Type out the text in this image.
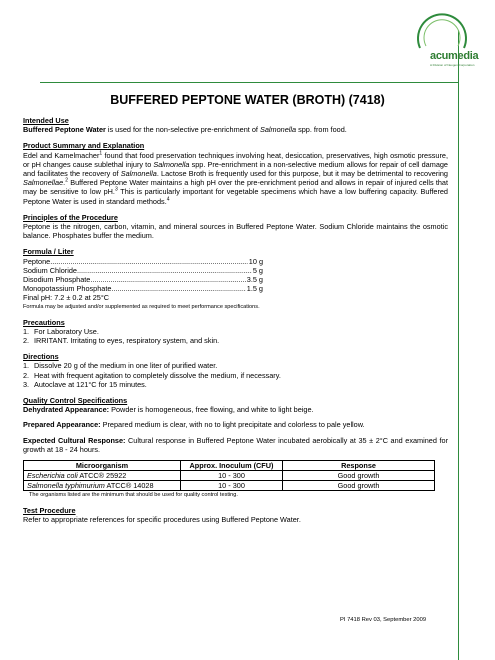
acumedia
A Division of Neogen Corporation
BUFFERED PEPTONE WATER (BROTH) (7418)
Intended Use

Buffered Peptone Water is used for the non-selective pre-enrichment of Salmonella spp. from food.

Product Summary and Explanation

Edel and Kamelmacher$^1$ found that food preservation techniques involving heat, desiccation, preservatives, high osmotic pressure, or pH changes cause sublethal injury to Salmonella spp. Pre-enrichment in a non-selective medium allows for repair of cell damage and facilitates the recovery of Salmonella. Lactose Broth is frequently used for this purpose, but it may be detrimental to recovering Salmonellae.$^2$ Buffered Peptone Water maintains a high pH over the pre-enrichment period and allows in repair of injured cells that may be sensitive to low pH.$^3$ This is particularly important for vegetable specimens which have a low buffering capacity. Buffered Peptone Water is used in standard methods.$^4$

Principles of the Procedure

Peptone is the nitrogen, carbon, vitamin, and mineral sources in Buffered Peptone Water. Sodium Chloride maintains the osmotic balance. Phosphates buffer the medium.

Formula / Liter
Peptone .....	10 g
Sodium Chloride .....	5 g
Disodium Phosphate .....	3.5 g
Monopotassium Phosphate .....	1.5 g

Final pH: 7.2 ± 0.2 at 25°C

Formula may be adjusted and/or supplemented as required to meet performance specifications.

Precautions
1. For Laboratory Use.
2. IRRITANT. Irritating to eyes, respiratory system, and skin.
Directions
1. Dissolve 20 g of the medium in one liter of purified water.
2. Heat with frequent agitation to completely dissolve the medium, if necessary.
3. Autoclave at 121°C for 15 minutes.
Quality Control Specifications

Dehydrated Appearance: Powder is homogeneous, free flowing, and white to light beige.

Prepared Appearance: Prepared medium is clear, with no to light precipitate and colorless to pale yellow.

Expected Cultural Response: Cultural response in Buffered Peptone Water incubated aerobically at 35 ± 2°C and examined for growth at 18 - 24 hours.

Microorganism	Approx. Inoculum (CFU)	Response
Escherichia coli ATCC® 25922	10 - 300	Good growth
Salmonella typhimurium ATCC® 14028	10 - 300	Good growth

The organisms listed are the minimum that should be used for quality control testing.

Test Procedure

Refer to appropriate references for specific procedures using Buffered Peptone Water.

PI 7418 Rev 03, September 2009
